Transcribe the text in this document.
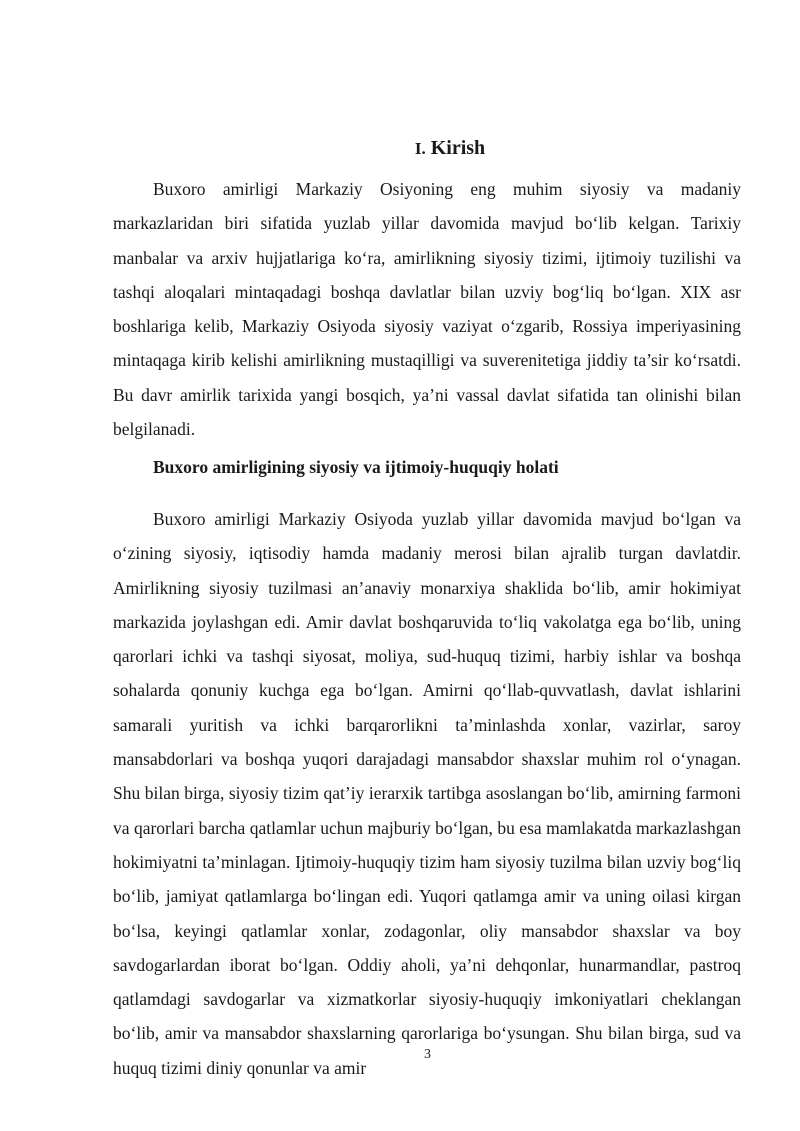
I. Kirish

Buxoro amirligi Markaziy Osiyoning eng muhim siyosiy va madaniy markazlaridan biri sifatida yuzlab yillar davomida mavjud bo‘lib kelgan. Tarixiy manbalar va arxiv hujjatlariga ko‘ra, amirlikning siyosiy tizimi, ijtimoiy tuzilishi va tashqi aloqalari mintaqadagi boshqa davlatlar bilan uzviy bog‘liq bo‘lgan. XIX asr boshlariga kelib, Markaziy Osiyoda siyosiy vaziyat o‘zgarib, Rossiya imperiyasining mintaqaga kirib kelishi amirlikning mustaqilligi va suverenitetiga jiddiy ta’sir ko‘rsatdi. Bu davr amirlik tarixida yangi bosqich, ya’ni vassal davlat sifatida tan olinishi bilan belgilanadi.

Buxoro amirligining siyosiy va ijtimoiy-huquqiy holati

Buxoro amirligi Markaziy Osiyoda yuzlab yillar davomida mavjud bo‘lgan va o‘zining siyosiy, iqtisodiy hamda madaniy merosi bilan ajralib turgan davlatdir. Amirlikning siyosiy tuzilmasi an’anaviy monarxiya shaklida bo‘lib, amir hokimiyat markazida joylashgan edi. Amir davlat boshqaruvida to‘liq vakolatga ega bo‘lib, uning qarorlari ichki va tashqi siyosat, moliya, sud-huquq tizimi, harbiy ishlar va boshqa sohalarda qonuniy kuchga ega bo‘lgan. Amirni qo‘llab-quvvatlash, davlat ishlarini samarali yuritish va ichki barqarorlikni ta’minlashda xonlar, vazirlar, saroy mansabdorlari va boshqa yuqori darajadagi mansabdor shaxslar muhim rol o‘ynagan. Shu bilan birga, siyosiy tizim qat’iy ierarxik tartibga asoslangan bo‘lib, amirning farmoni va qarorlari barcha qatlamlar uchun majburiy bo‘lgan, bu esa mamlakatda markazlashgan hokimiyatni ta’minlagan. Ijtimoiy-huquqiy tizim ham siyosiy tuzilma bilan uzviy bog‘liq bo‘lib, jamiyat qatlamlarga bo‘lingan edi. Yuqori qatlamga amir va uning oilasi kirgan bo‘lsa, keyingi qatlamlar xonlar, zodagonlar, oliy mansabdor shaxslar va boy savdogarlardan iborat bo‘lgan. Oddiy aholi, ya’ni dehqonlar, hunarmandlar, pastroq qatlamdagi savdogarlar va xizmatkorlar siyosiy-huquqiy imkoniyatlari cheklangan bo‘lib, amir va mansabdor shaxslarning qarorlariga bo‘ysungan. Shu bilan birga, sud va huquq tizimi diniy qonunlar va amir

3
